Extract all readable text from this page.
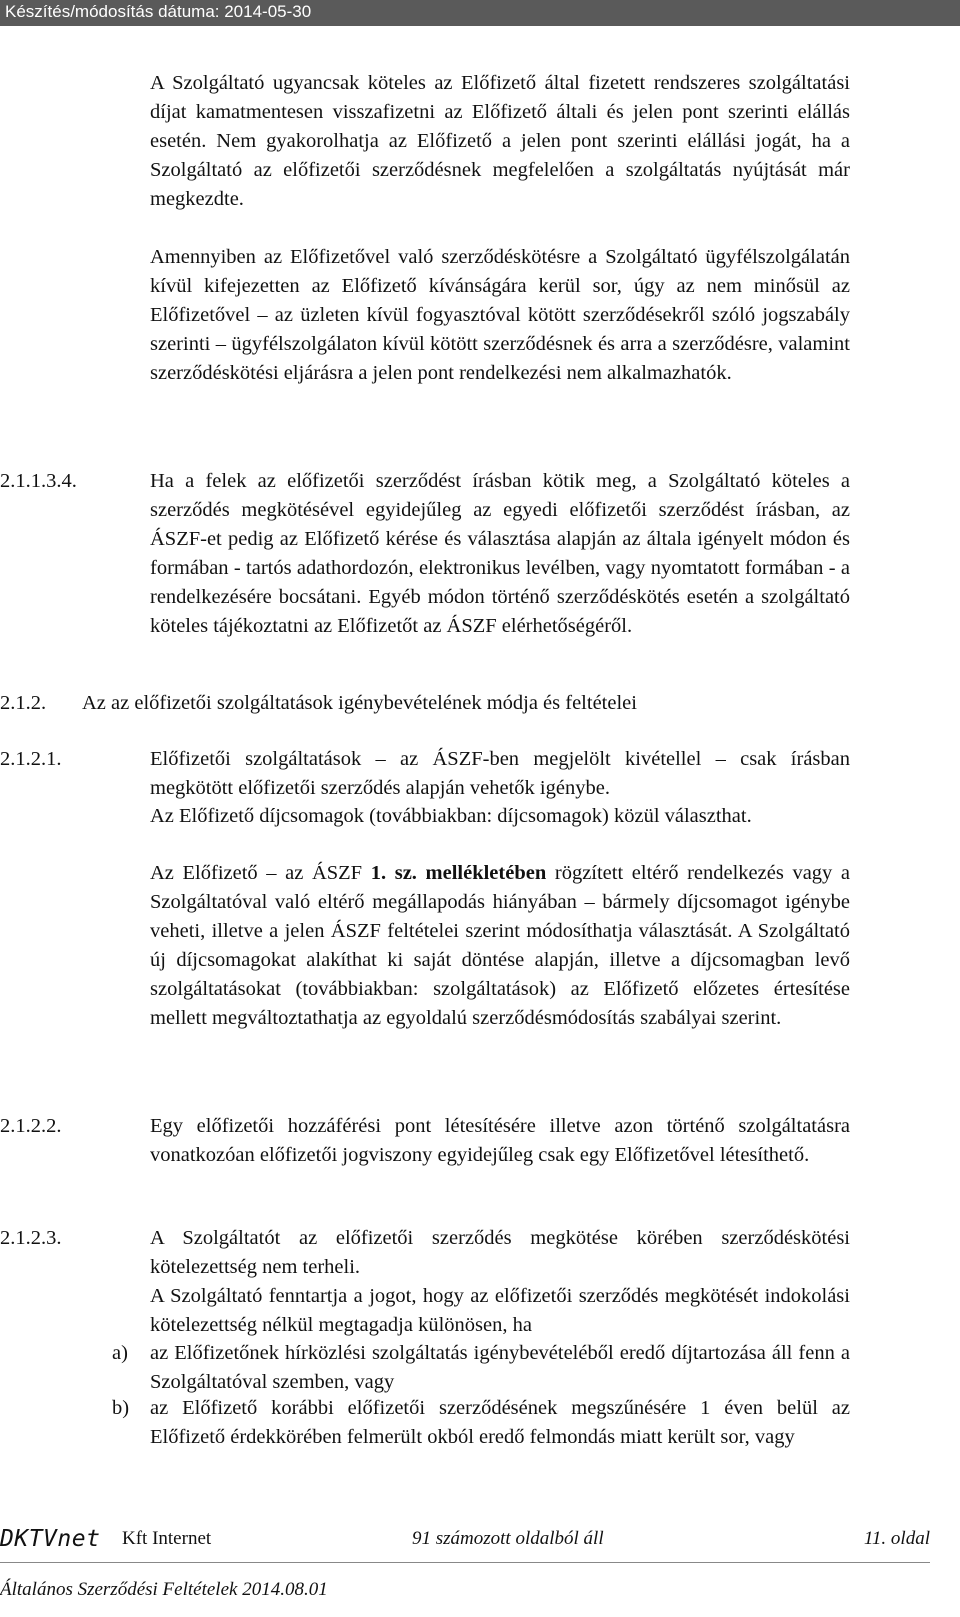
Készítés/módosítás dátuma: 2014-05-30
A Szolgáltató ugyancsak köteles az Előfizető által fizetett rendszeres szolgáltatási díjat kamatmentesen visszafizetni az Előfizető általi és jelen pont szerinti elállás esetén. Nem gyakorolhatja az Előfizető a jelen pont szerinti elállási jogát, ha a Szolgáltató az előfizetői szerződésnek megfelelően a szolgáltatás nyújtását már megkezdte.
Amennyiben az Előfizetővel való szerződéskötésre a Szolgáltató ügyfélszolgálatán kívül kifejezetten az Előfizető kívánságára kerül sor, úgy az nem minősül az Előfizetővel – az üzleten kívül fogyasztóval kötött szerződésekről szóló jogszabály szerinti – ügyfélszolgálaton kívül kötött szerződésnek és arra a szerződésre, valamint szerződéskötési eljárásra a jelen pont rendelkezési nem alkalmazhatók.
Ha a felek az előfizetői szerződést írásban kötik meg, a Szolgáltató köteles a szerződés megkötésével egyidejűleg az egyedi előfizetői szerződést írásban, az ÁSZF-et pedig az Előfizető kérése és választása alapján az általa igényelt módon és formában - tartós adathordozón, elektronikus levélben, vagy nyomtatott formában - a rendelkezésére bocsátani. Egyéb módon történő szerződéskötés esetén a szolgáltató köteles tájékoztatni az Előfizetőt az ÁSZF elérhetőségéről.
2.1.1.3.4.
2.1.2. Az az előfizetői szolgáltatások igénybevételének módja és feltételei
2.1.2.1.	Előfizetői szolgáltatások – az ÁSZF-ben megjelölt kivétellel – csak írásban megkötött előfizetői szerződés alapján vehetők igénybe.
Az Előfizető díjcsomagok (továbbiakban: díjcsomagok) közül választhat.
Az Előfizető – az ÁSZF 1. sz. mellékletében rögzített eltérő rendelkezés vagy a Szolgáltatóval való eltérő megállapodás hiányában – bármely díjcsomagot igénybe veheti, illetve a jelen ÁSZF feltételei szerint módosíthatja választását. A Szolgáltató új díjcsomagokat alakíthat ki saját döntése alapján, illetve a díjcsomagban levő szolgáltatásokat (továbbiakban: szolgáltatások) az Előfizető előzetes értesítése mellett megváltoztathatja az egyoldalú szerződésmódosítás szabályai szerint.
2.1.2.2.	Egy előfizetői hozzáférési pont létesítésére illetve azon történő szolgáltatásra vonatkozóan előfizetői jogviszony egyidejűleg csak egy Előfizetővel létesíthető.
2.1.2.3.	A Szolgáltatót az előfizetői szerződés megkötése körében szerződéskötési kötelezettség nem terheli.
A Szolgáltató fenntartja a jogot, hogy az előfizetői szerződés megkötését indokolási kötelezettség nélkül megtagadja különösen, ha
a) az Előfizetőnek hírközlési szolgáltatás igénybevételéből eredő díjtartozása áll fenn a Szolgáltatóval szemben, vagy
b) az Előfizető korábbi előfizetői szerződésének megszűnésére 1 éven belül az Előfizető érdekkörében felmerült okból eredő felmondás miatt került sor, vagy
DKTVnet Kft Internet	91 számozott oldalból áll	11. oldal
Általános Szerződési Feltételek 2014.08.01
